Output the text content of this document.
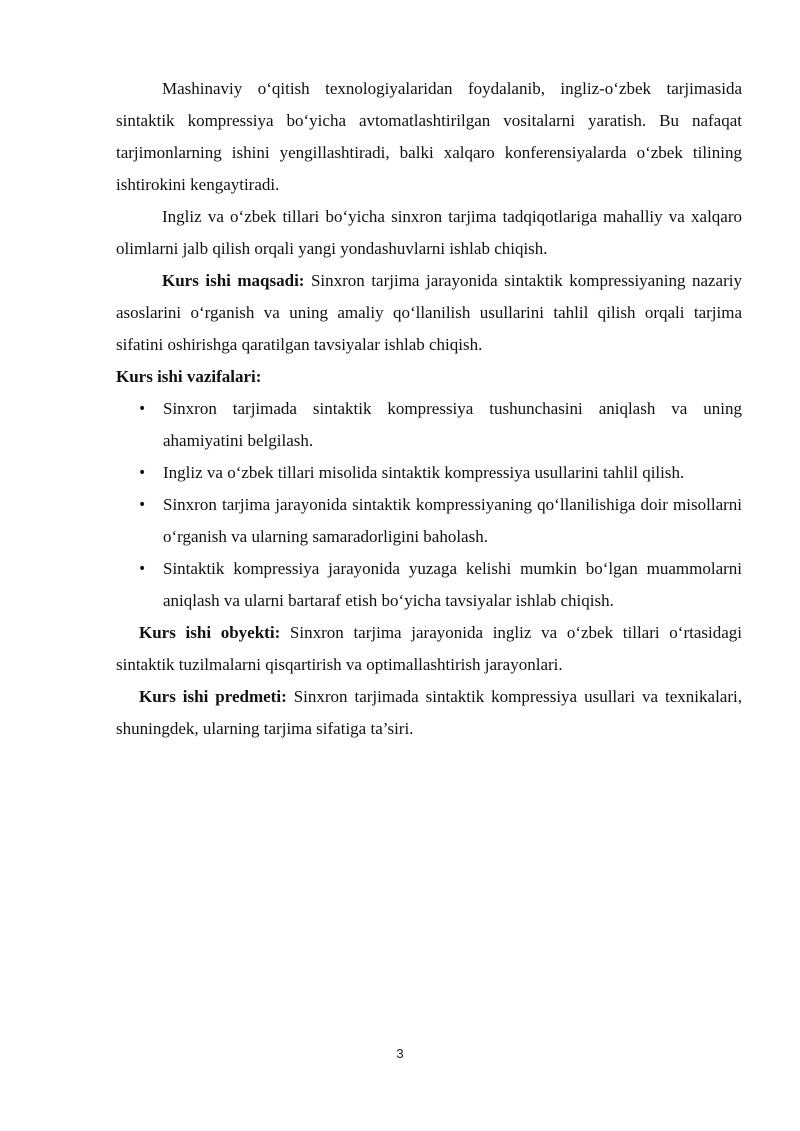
Mashinaviy o‘qitish texnologiyalaridan foydalanib, ingliz-o‘zbek tarjimasida sintaktik kompressiya bo‘yicha avtomatlashtirilgan vositalarni yaratish. Bu nafaqat tarjimonlarning ishini yengillashtiradi, balki xalqaro konferensiyalarda o‘zbek tilining ishtirokini kengaytiradi.

Ingliz va o‘zbek tillari bo‘yicha sinxron tarjima tadqiqotlariga mahalliy va xalqaro olimlarni jalb qilish orqali yangi yondashuvlarni ishlab chiqish.

Kurs ishi maqsadi: Sinxron tarjima jarayonida sintaktik kompressiyaning nazariy asoslarini o‘rganish va uning amaliy qo‘llanilish usullarini tahlil qilish orqali tarjima sifatini oshirishga qaratilgan tavsiyalar ishlab chiqish.

Kurs ishi vazifalari:

• Sinxron tarjimada sintaktik kompressiya tushunchasini aniqlash va uning ahamiyatini belgilash.
• Ingliz va o‘zbek tillari misolida sintaktik kompressiya usullarini tahlil qilish.
• Sinxron tarjima jarayonida sintaktik kompressiyaning qo‘llanilishiga doir misollarni o‘rganish va ularning samaradorligini baholash.
• Sintaktik kompressiya jarayonida yuzaga kelishi mumkin bo‘lgan muammolarni aniqlash va ularni bartaraf etish bo‘yicha tavsiyalar ishlab chiqish.

Kurs ishi obyekti: Sinxron tarjima jarayonida ingliz va o‘zbek tillari o‘rtasidagi sintaktik tuzilmalarni qisqartirish va optimallashtirish jarayonlari.

Kurs ishi predmeti: Sinxron tarjimada sintaktik kompressiya usullari va texnikalari, shuningdek, ularning tarjima sifatiga ta’siri.

3
